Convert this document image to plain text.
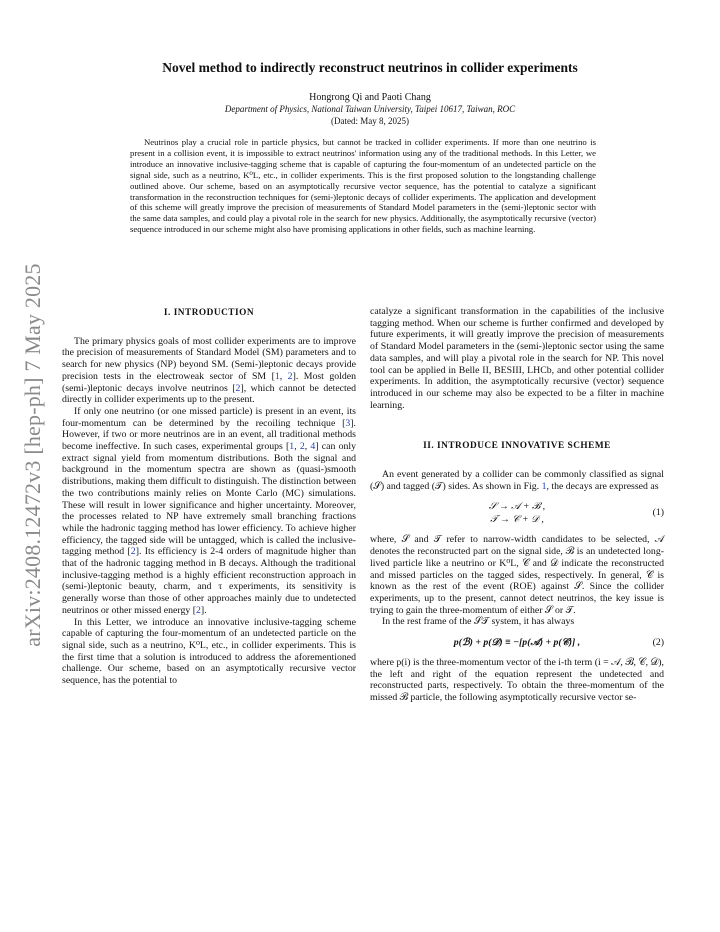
arXiv:2408.12472v3 [hep-ph] 7 May 2025
Novel method to indirectly reconstruct neutrinos in collider experiments
Hongrong Qi and Paoti Chang
Department of Physics, National Taiwan University, Taipei 10617, Taiwan, ROC
(Dated: May 8, 2025)
Neutrinos play a crucial role in particle physics, but cannot be tracked in collider experiments. If more than one neutrino is present in a collision event, it is impossible to extract neutrinos' information using any of the traditional methods. In this Letter, we introduce an innovative inclusive-tagging scheme that is capable of capturing the four-momentum of an undetected particle on the signal side, such as a neutrino, K⁰L, etc., in collider experiments. This is the first proposed solution to the longstanding challenge outlined above. Our scheme, based on an asymptotically recursive vector sequence, has the potential to catalyze a significant transformation in the reconstruction techniques for (semi-)leptonic decays of collider experiments. The application and development of this scheme will greatly improve the precision of measurements of Standard Model parameters in the (semi-)leptonic sector with the same data samples, and could play a pivotal role in the search for new physics. Additionally, the asymptotically recursive (vector) sequence introduced in our scheme might also have promising applications in other fields, such as machine learning.
I. INTRODUCTION

The primary physics goals of most collider experiments are to improve the precision of measurements of Standard Model (SM) parameters and to search for new physics (NP) beyond SM. (Semi-)leptonic decays provide precision tests in the electroweak sector of SM [1, 2]. Most golden (semi-)leptonic decays involve neutrinos [2], which cannot be detected directly in collider experiments up to the present.

If only one neutrino (or one missed particle) is present in an event, its four-momentum can be determined by the recoiling technique [3]. However, if two or more neutrinos are in an event, all traditional methods become ineffective. In such cases, experimental groups [1, 2, 4] can only extract signal yield from momentum distributions. Both the signal and background in the momentum spectra are shown as (quasi-)smooth distributions, making them difficult to distinguish. The distinction between the two contributions mainly relies on Monte Carlo (MC) simulations. These will result in lower significance and higher uncertainty. Moreover, the processes related to NP have extremely small branching fractions while the hadronic tagging method has lower efficiency. To achieve higher efficiency, the tagged side will be untagged, which is called the inclusive-tagging method [2]. Its efficiency is 2-4 orders of magnitude higher than that of the hadronic tagging method in B decays. Although the traditional inclusive-tagging method is a highly efficient reconstruction approach in (semi-)leptonic beauty, charm, and τ experiments, its sensitivity is generally worse than those of other approaches mainly due to undetected neutrinos or other missed energy [2].

In this Letter, we introduce an innovative inclusive-tagging scheme capable of capturing the four-momentum of an undetected particle on the signal side, such as a neutrino, K⁰L, etc., in collider experiments. This is the first time that a solution is introduced to address the aforementioned challenge. Our scheme, based on an asymptotically recursive vector sequence, has the potential to

catalyze a significant transformation in the capabilities of the inclusive tagging method. When our scheme is further confirmed and developed by future experiments, it will greatly improve the precision of measurements of Standard Model parameters in the (semi-)leptonic sector using the same data samples, and will play a pivotal role in the search for NP. This novel tool can be applied in Belle II, BESIII, LHCb, and other potential collider experiments. In addition, the asymptotically recursive (vector) sequence introduced in our scheme may also be expected to be a filter in machine learning.

II. INTRODUCE INNOVATIVE SCHEME

An event generated by a collider can be commonly classified as signal (𝒮) and tagged (𝒯) sides. As shown in Fig. 1, the decays are expressed as

𝒮 → 𝒜 + ℬ ,
𝒯 → 𝒞 + 𝒟 ,
(1)

where, 𝒮 and 𝒯 refer to narrow-width candidates to be selected, 𝒜 denotes the reconstructed part on the signal side, ℬ is an undetected long-lived particle like a neutrino or K⁰L, 𝒞 and 𝒟 indicate the reconstructed and missed particles on the tagged sides, respectively. In general, 𝒞 is known as the rest of the event (ROE) against 𝒮. Since the collider experiments, up to the present, cannot detect neutrinos, the key issue is trying to gain the three-momentum of either 𝒮 or 𝒯.

In the rest frame of the 𝒮𝒯 system, it has always

p(ℬ) + p(𝒟) ≡ −[p(𝒜) + p(𝒞)] ,	(2)

where p(i) is the three-momentum vector of the i-th term (i = 𝒜, ℬ, 𝒞, 𝒟), the left and right of the equation represent the undetected and reconstructed parts, respectively. To obtain the three-momentum of the missed ℬ particle, the following asymptotically recursive vector se-
